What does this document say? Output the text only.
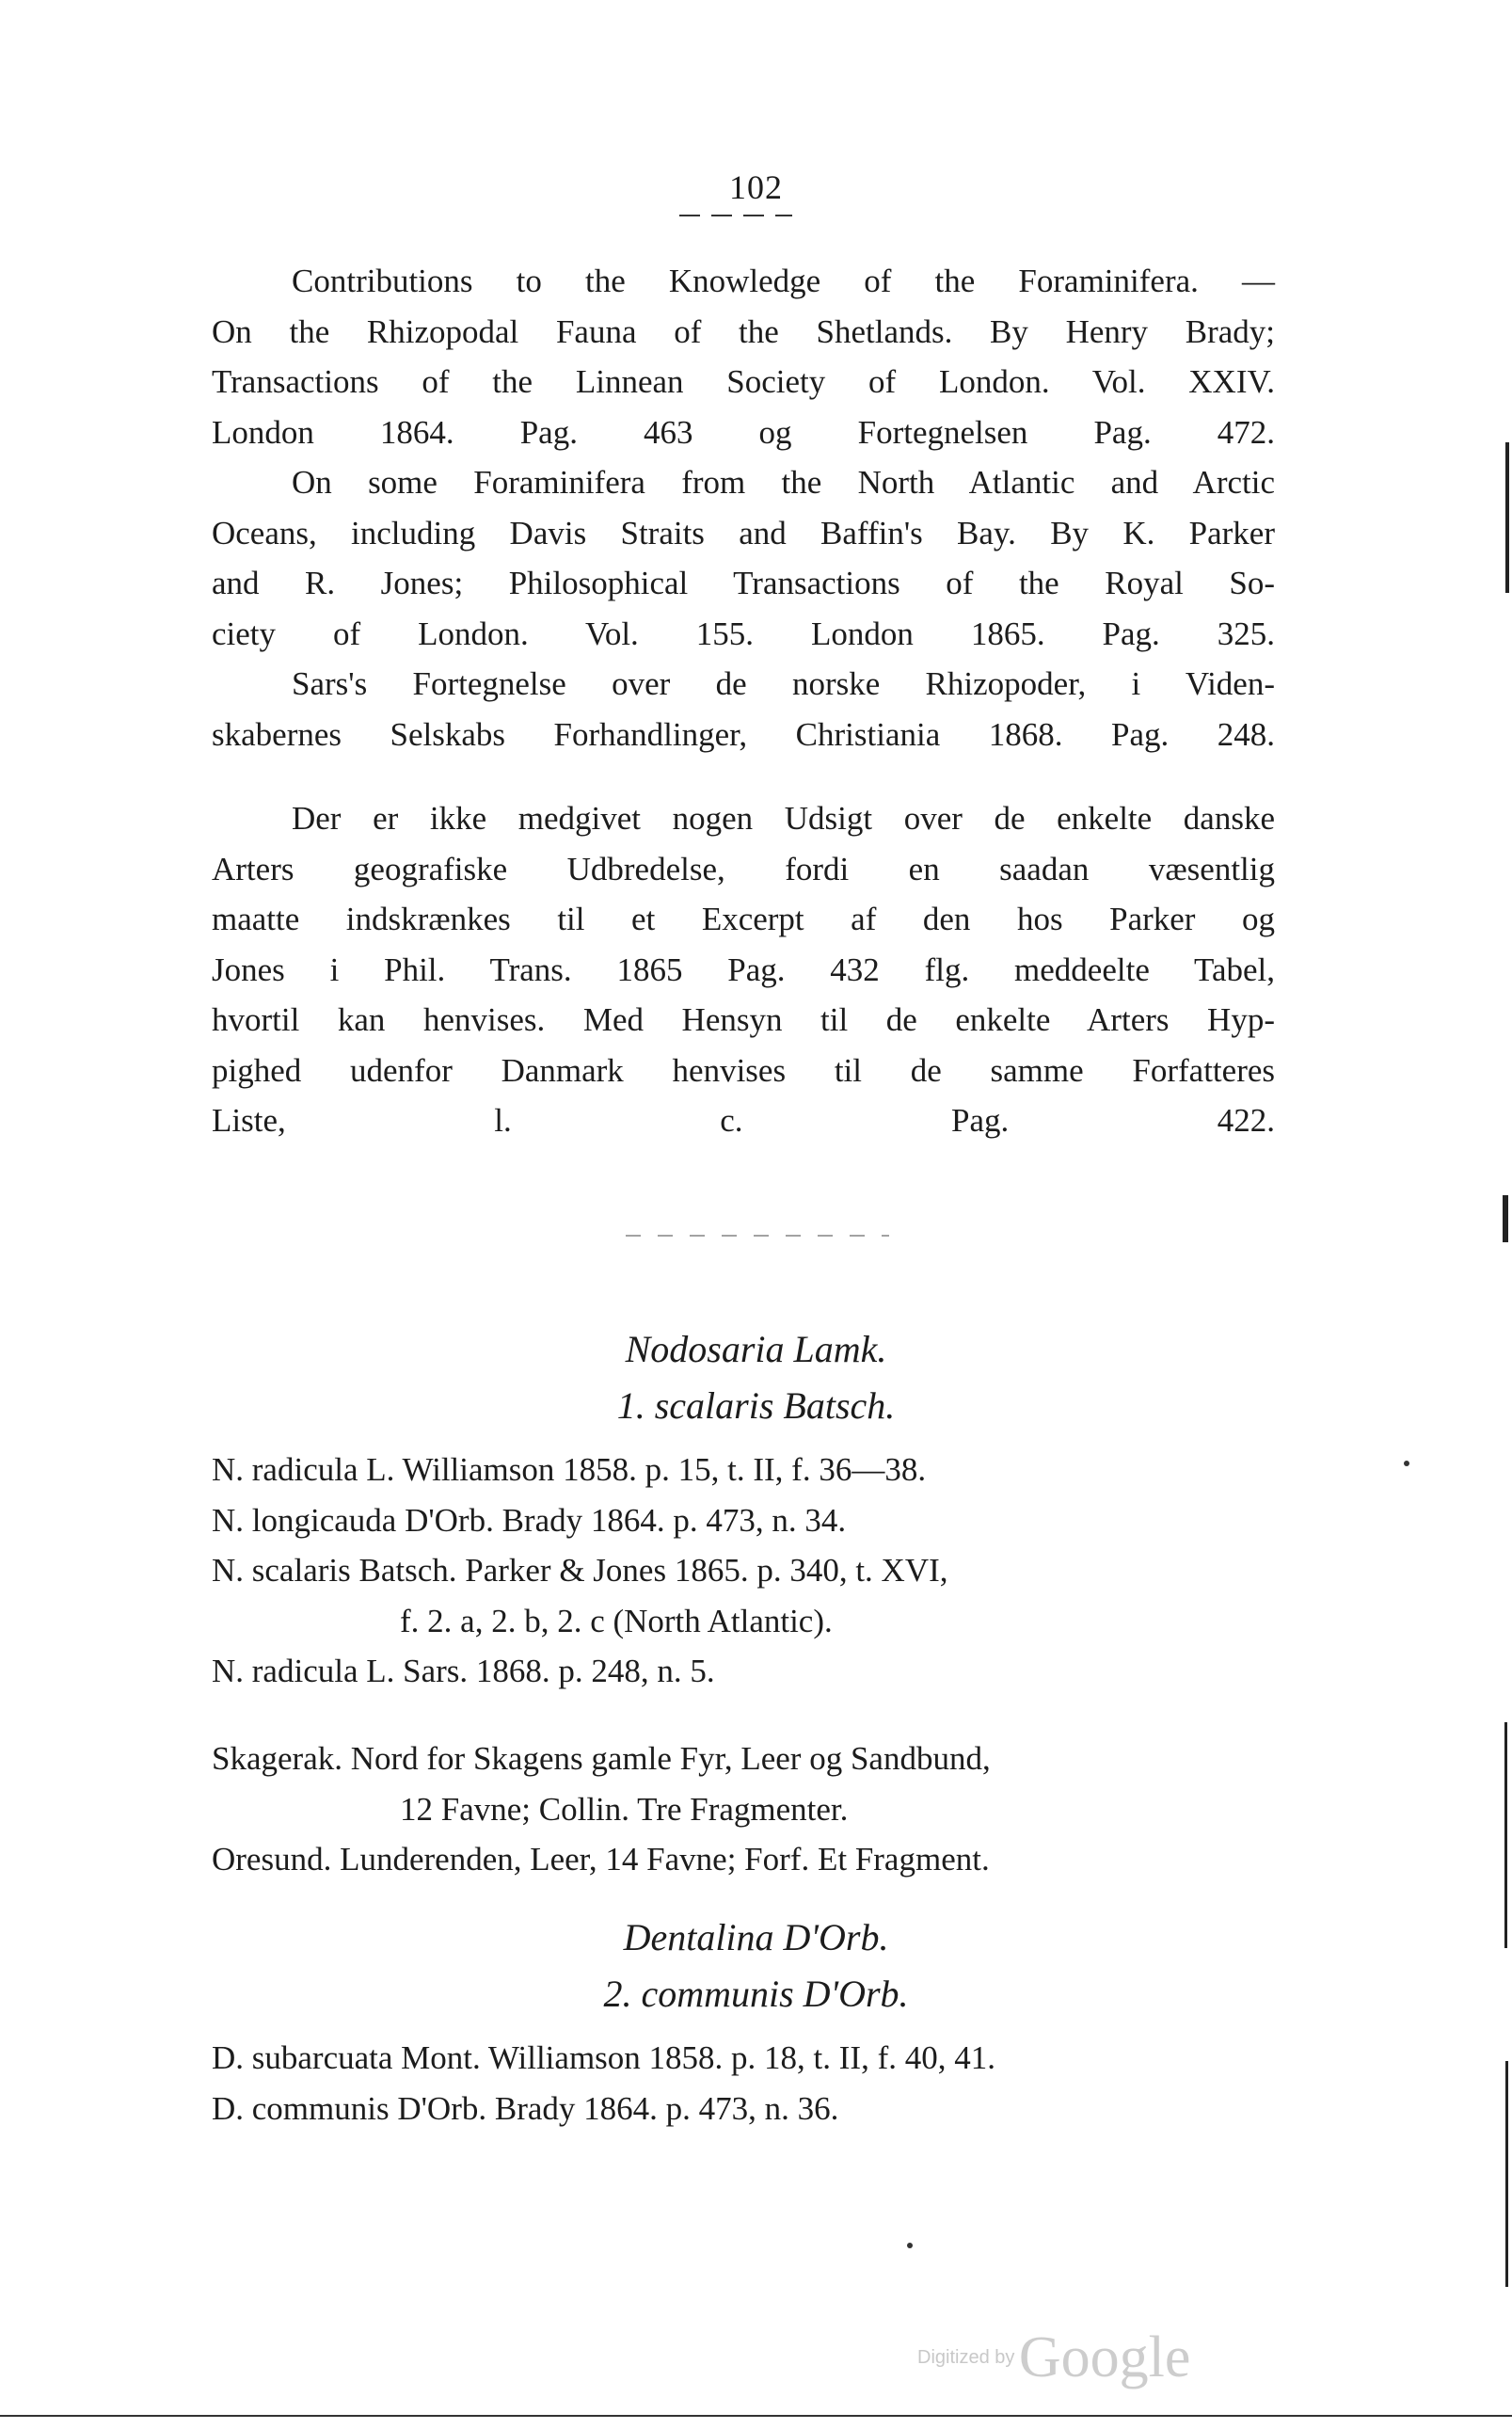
102
Contributions to the Knowledge of the Foraminifera. —
On the Rhizopodal Fauna of the Shetlands. By Henry Brady;
Transactions of the Linnean Society of London. Vol. XXIV.
London 1864. Pag. 463 og Fortegnelsen Pag. 472.
On some Foraminifera from the North Atlantic and Arctic
Oceans, including Davis Straits and Baffin's Bay. By K. Parker
and R. Jones; Philosophical Transactions of the Royal So-
ciety of London. Vol. 155. London 1865. Pag. 325.
Sars's Fortegnelse over de norske Rhizopoder, i Viden-
skabernes Selskabs Forhandlinger, Christiania 1868. Pag. 248.
Der er ikke medgivet nogen Udsigt over de enkelte danske
Arters geografiske Udbredelse, fordi en saadan væsentlig
maatte indskrænkes til et Excerpt af den hos Parker og
Jones i Phil. Trans. 1865 Pag. 432 flg. meddeelte Tabel,
hvortil kan henvises. Med Hensyn til de enkelte Arters Hyp-
pighed udenfor Danmark henvises til de samme Forfatteres
Liste, l. c. Pag. 422.
Nodosaria Lamk.
1. scalaris Batsch.
N. radicula L. Williamson 1858. p. 15, t. II, f. 36—38.
N. longicauda D'Orb. Brady 1864. p. 473, n. 34.
N. scalaris Batsch. Parker & Jones 1865. p. 340, t. XVI,
f. 2. a, 2. b, 2. c (North Atlantic).
N. radicula L. Sars. 1868. p. 248, n. 5.
Skagerak. Nord for Skagens gamle Fyr, Leer og Sandbund,
12 Favne; Collin. Tre Fragmenter.
Oresund. Lunderenden, Leer, 14 Favne; Forf. Et Fragment.
Dentalina D'Orb.
2. communis D'Orb.
D. subarcuata Mont. Williamson 1858. p. 18, t. II, f. 40, 41.
D. communis D'Orb. Brady 1864. p. 473, n. 36.
Digitized by Google
